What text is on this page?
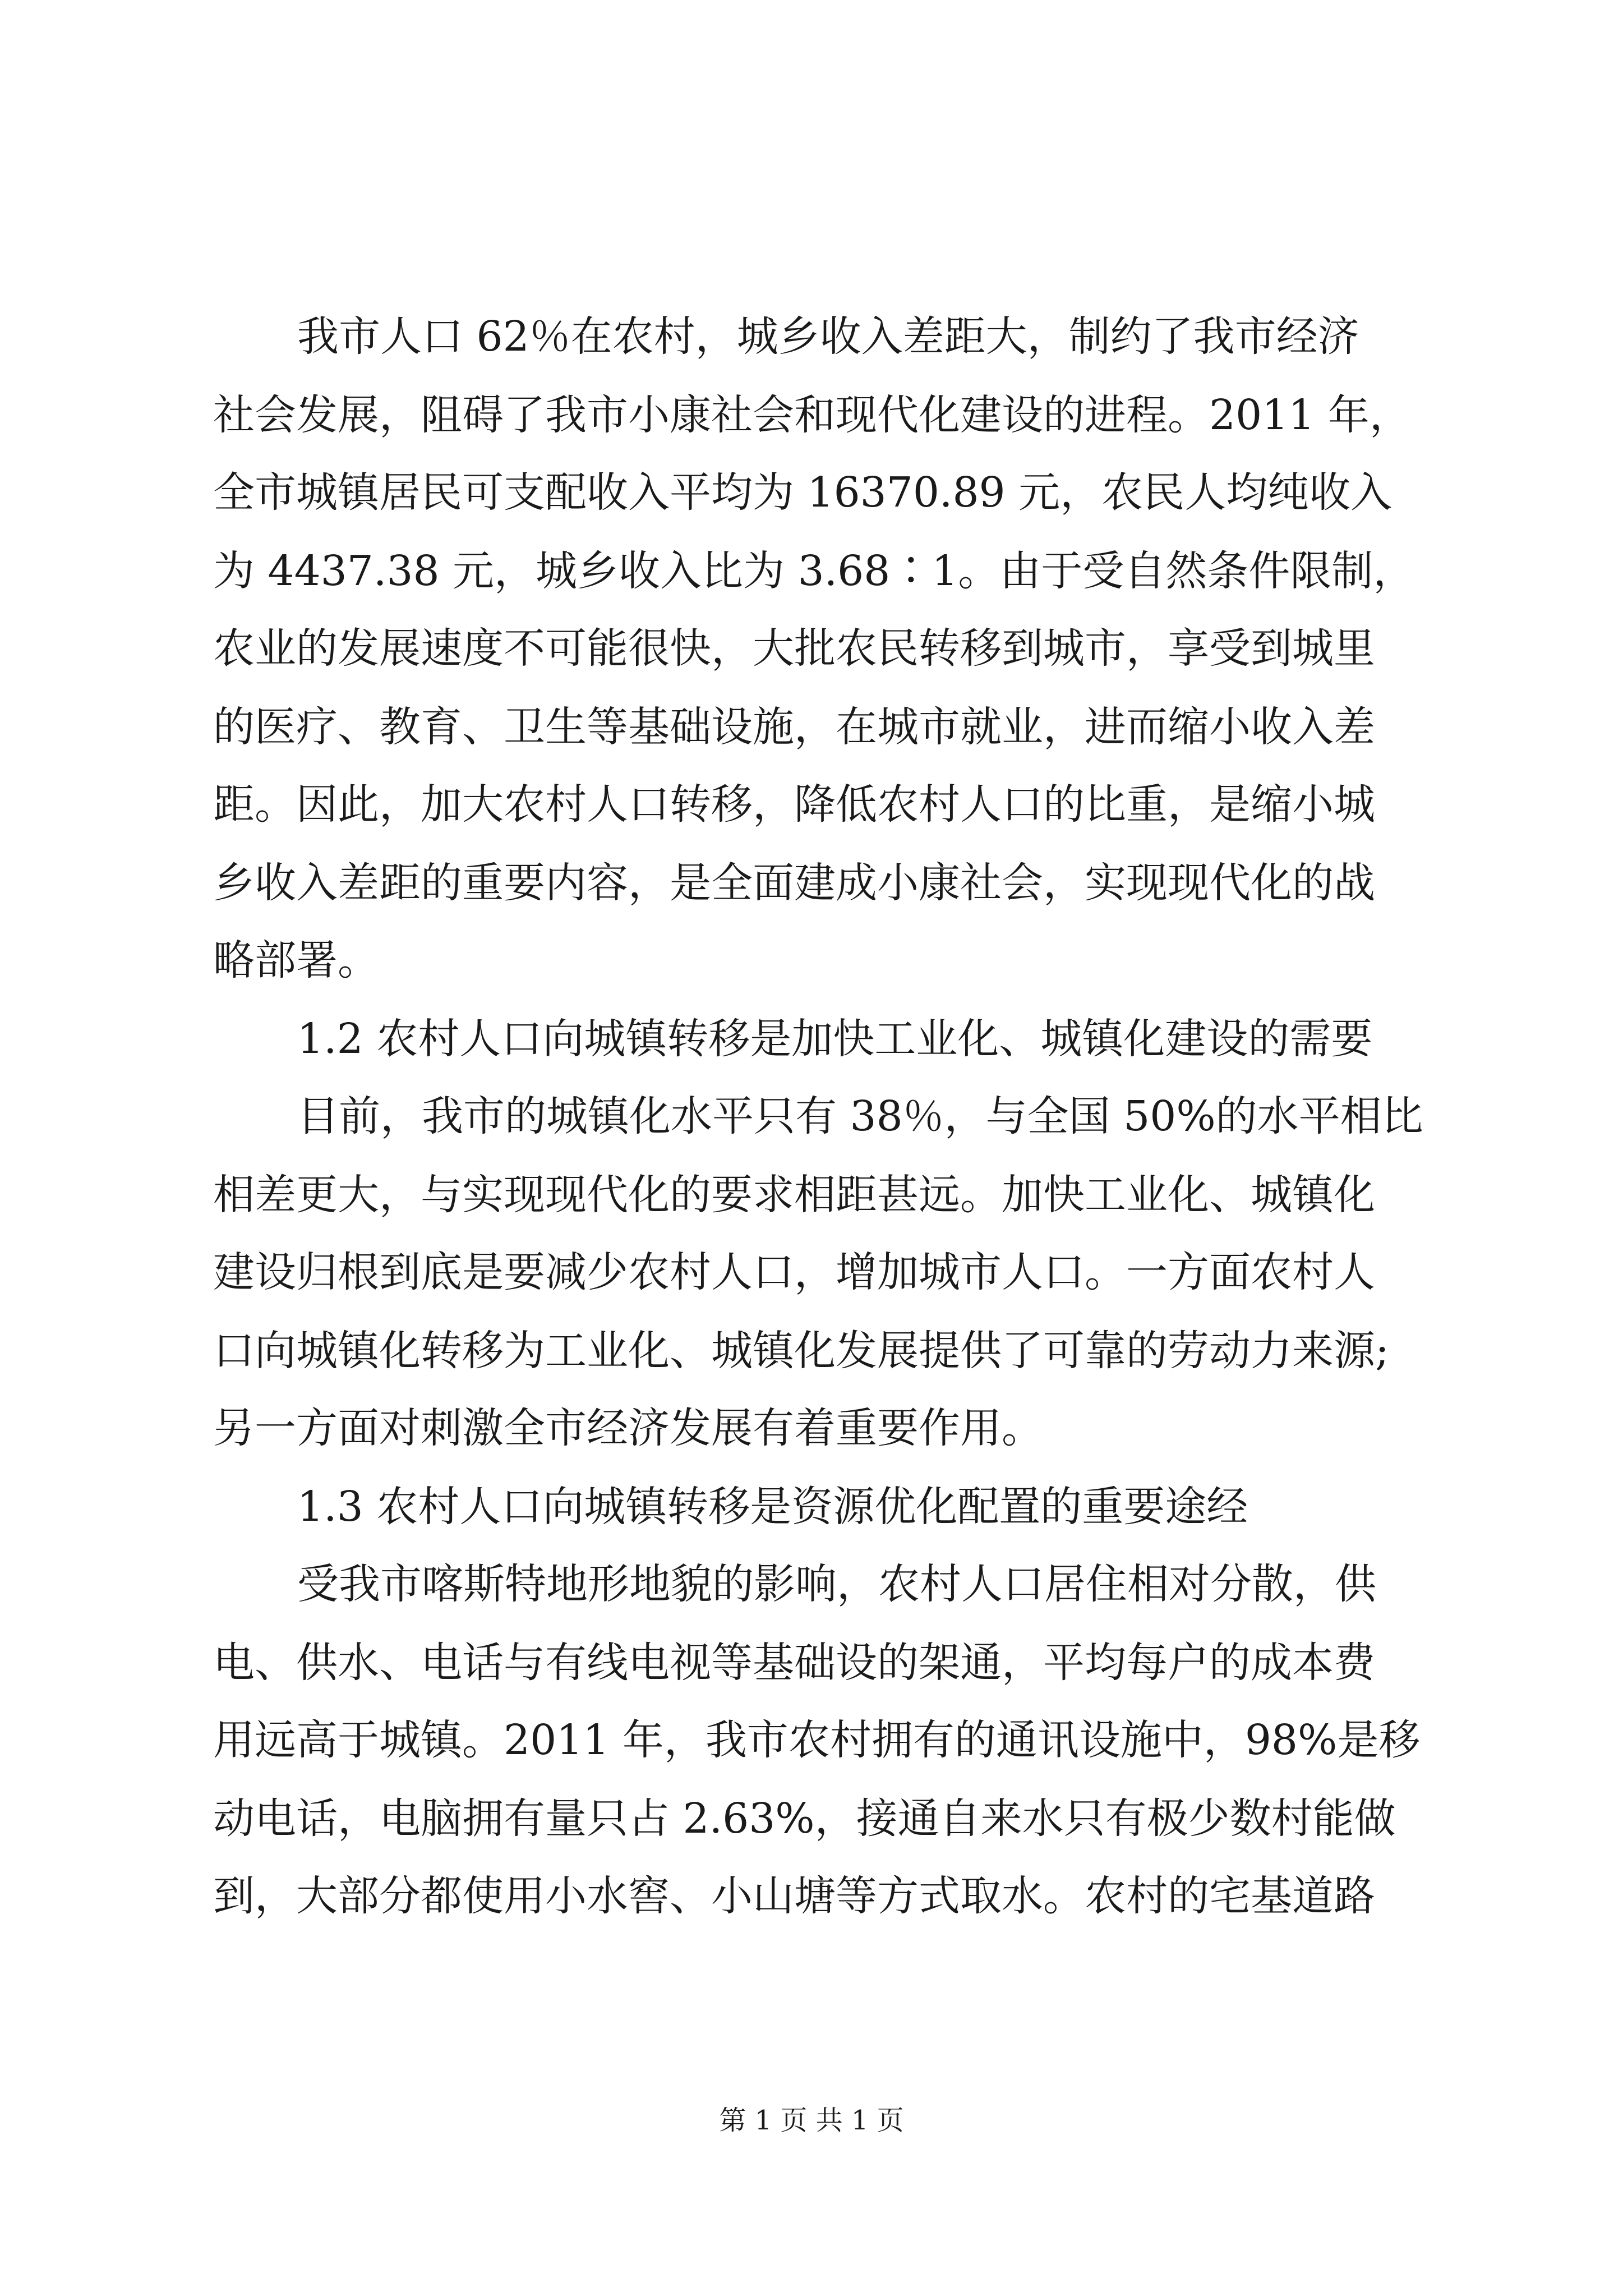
我市人口 62％在农村，城乡收入差距大，制约了我市经济

社会发展，阻碍了我市小康社会和现代化建设的进程。2011 年，

全市城镇居民可支配收入平均为 16370.89 元，农民人均纯收入

为 4437.38 元，城乡收入比为 3.68∶1。由于受自然条件限制，

农业的发展速度不可能很快，大批农民转移到城市，享受到城里

的医疗、教育、卫生等基础设施，在城市就业，进而缩小收入差

距。因此，加大农村人口转移，降低农村人口的比重，是缩小城

乡收入差距的重要内容，是全面建成小康社会，实现现代化的战

略部署。

1.2 农村人口向城镇转移是加快工业化、城镇化建设的需要

目前，我市的城镇化水平只有 38％，与全国 50%的水平相比

相差更大，与实现现代化的要求相距甚远。加快工业化、城镇化

建设归根到底是要减少农村人口，增加城市人口。一方面农村人

口向城镇化转移为工业化、城镇化发展提供了可靠的劳动力来源;

另一方面对刺激全市经济发展有着重要作用。

1.3 农村人口向城镇转移是资源优化配置的重要途经

受我市喀斯特地形地貌的影响，农村人口居住相对分散，供

电、供水、电话与有线电视等基础设的架通，平均每户的成本费

用远高于城镇。2011 年，我市农村拥有的通讯设施中，98%是移

动电话，电脑拥有量只占 2.63%，接通自来水只有极少数村能做

到，大部分都使用小水窖、小山塘等方式取水。农村的宅基道路

第 1 页 共 1 页
